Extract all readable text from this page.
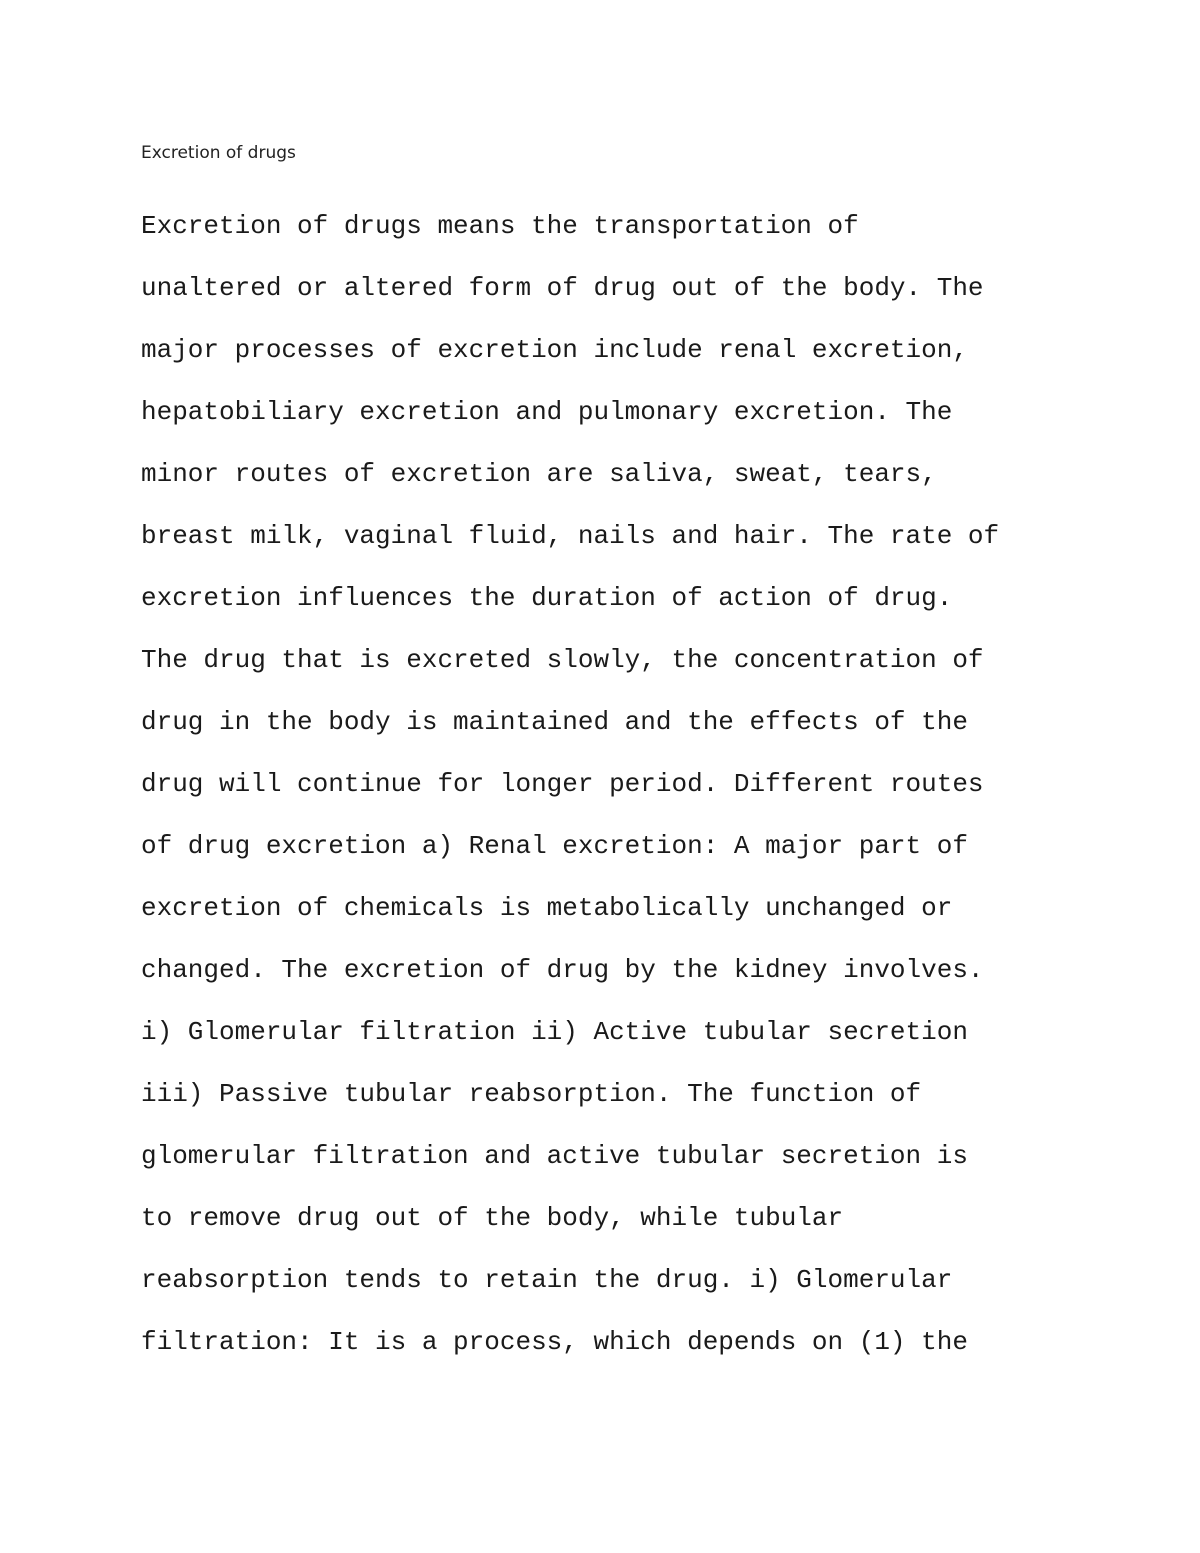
Excretion of drugs
Excretion of drugs means the transportation of
unaltered or altered form of drug out of the body. The
major processes of excretion include renal excretion,
hepatobiliary excretion and pulmonary excretion. The
minor routes of excretion are saliva, sweat, tears,
breast milk, vaginal fluid, nails and hair. The rate of
excretion influences the duration of action of drug.
The drug that is excreted slowly, the concentration of
drug in the body is maintained and the effects of the
drug will continue for longer period. Different routes
of drug excretion a) Renal excretion: A major part of
excretion of chemicals is metabolically unchanged or
changed. The excretion of drug by the kidney involves.
i) Glomerular filtration ii) Active tubular secretion
iii) Passive tubular reabsorption. The function of
glomerular filtration and active tubular secretion is
to remove drug out of the body, while tubular
reabsorption tends to retain the drug. i) Glomerular
filtration: It is a process, which depends on (1) the
